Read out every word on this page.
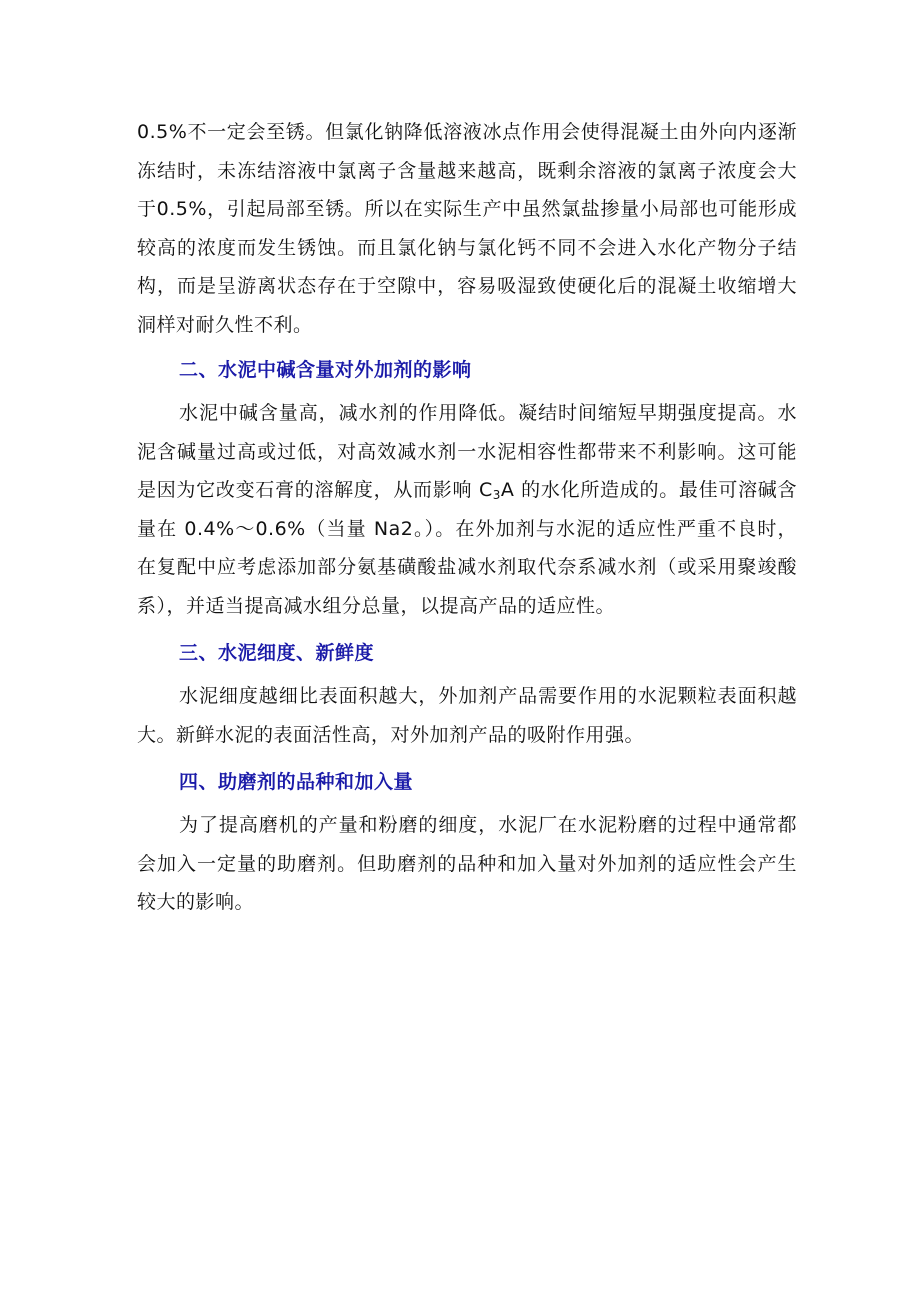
0.5%不一定会至锈。但氯化钠降低溶液冰点作用会使得混凝土由外向内逐渐冻结时，未冻结溶液中氯离子含量越来越高，既剩余溶液的氯离子浓度会大于0.5%，引起局部至锈。所以在实际生产中虽然氯盐掺量小局部也可能形成较高的浓度而发生锈蚀。而且氯化钠与氯化钙不同不会进入水化产物分子结构，而是呈游离状态存在于空隙中，容易吸湿致使硬化后的混凝土收缩增大洞样对耐久性不利。

二、水泥中碱含量对外加剂的影响

水泥中碱含量高，减水剂的作用降低。凝结时间缩短早期强度提高。水泥含碱量过高或过低，对高效减水剂一水泥相容性都带来不利影响。这可能是因为它改变石膏的溶解度，从而影响 $C_3A$ 的水化所造成的。最佳可溶碱含量在 0.4%～0.6%（当量 Na2。）。在外加剂与水泥的适应性严重不良时，在复配中应考虑添加部分氨基磺酸盐减水剂取代奈系减水剂（或采用聚竣酸系），并适当提高减水组分总量，以提高产品的适应性。

三、水泥细度、新鲜度

水泥细度越细比表面积越大，外加剂产品需要作用的水泥颗粒表面积越大。新鲜水泥的表面活性高，对外加剂产品的吸附作用强。

四、助磨剂的品种和加入量

为了提高磨机的产量和粉磨的细度，水泥厂在水泥粉磨的过程中通常都会加入一定量的助磨剂。但助磨剂的品种和加入量对外加剂的适应性会产生较大的影响。
